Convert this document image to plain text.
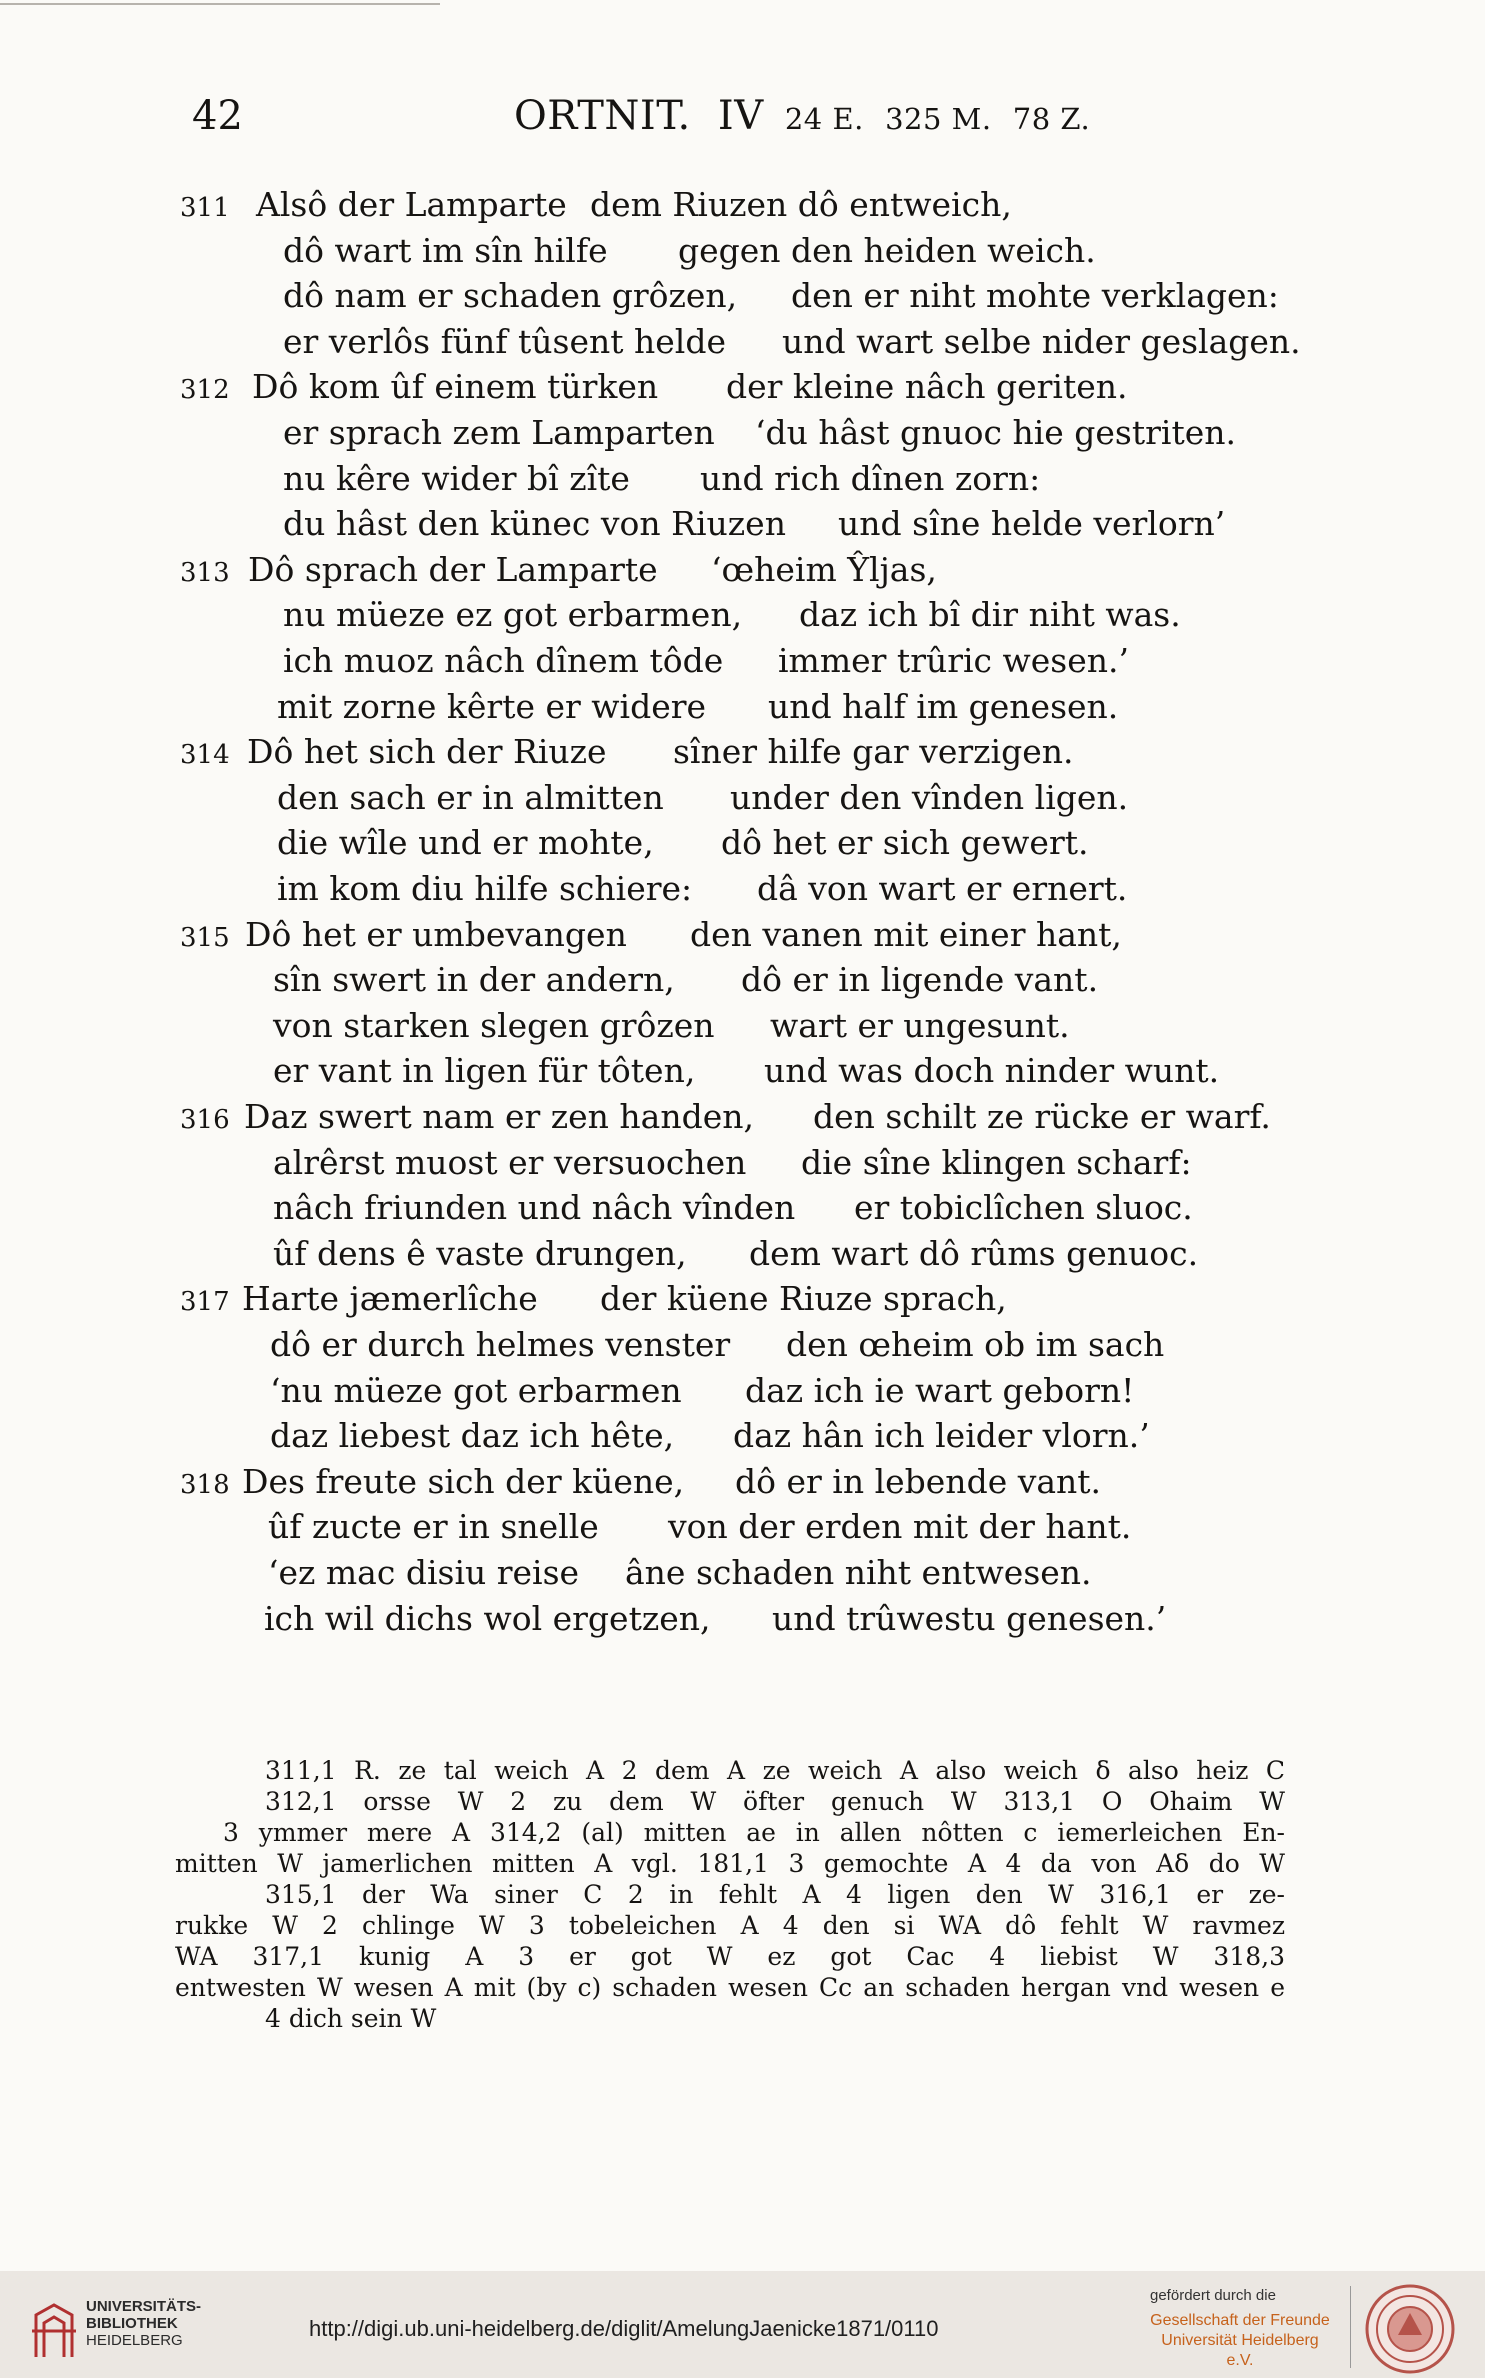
42	ORTNIT. IV 24 E. 325 M. 78 Z.
311 Alsô der Lamparte dem Riuzen dô entweich,
dô wart im sîn hilfe gegen den heiden weich.
dô nam er schaden grôzen, den er niht mohte verklagen:
er verlôs fünf tûsent helde und wart selbe nider geslagen.
312 Dô kom ûf einem türken der kleine nâch geriten.
er sprach zem Lamparten ‘du hâst gnuoc hie gestriten.
nu kêre wider bî zîte und rich dînen zorn:
du hâst den künec von Riuzen und sîne helde verlorn’
313 Dô sprach der Lamparte ‘œheim Ŷljas,
nu müeze ez got erbarmen, daz ich bî dir niht was.
ich muoz nâch dînem tôde immer trûric wesen.’
mit zorne kêrte er widere und half im genesen.
314 Dô het sich der Riuze sîner hilfe gar verzigen.
den sach er in almitten under den vînden ligen.
die wîle und er mohte, dô het er sich gewert.
im kom diu hilfe schiere: dâ von wart er ernert.
315 Dô het er umbevangen den vanen mit einer hant,
sîn swert in der andern, dô er in ligende vant.
von starken slegen grôzen wart er ungesunt.
er vant in ligen für tôten, und was doch ninder wunt.
316 Daz swert nam er zen handen, den schilt ze rücke er warf.
alrêrst muost er versuochen die sîne klingen scharf:
nâch friunden und nâch vînden er tobiclîchen sluoc.
ûf dens ê vaste drungen, dem wart dô rûms genuoc.
317 Harte jæmerlîche der küene Riuze sprach,
dô er durch helmes venster den œheim ob im sach
‘nu müeze got erbarmen daz ich ie wart geborn!
daz liebest daz ich hête, daz hân ich leider vlorn.’
318 Des freute sich der küene, dô er in lebende vant.
ûf zucte er in snelle von der erden mit der hant.
‘ez mac disiu reise âne schaden niht entwesen.
ich wil dichs wol ergetzen, und trûwestu genesen.’
311,1 R. ze tal weich A 2 dem A ze weich A also weich δ also heiz C
312,1 orsse W 2 zu dem W öfter genuch W 313,1 O Ohaim W
3 ymmer mere A 314,2 (al) mitten ae in allen nôtten c iemerleichen En-
mitten W jamerlichen mitten A vgl. 181,1 3 gemochte A 4 da von Aδ do W
315,1 der Wa siner C 2 in fehlt A 4 ligen den W 316,1 er ze-
rukke W 2 chlinge W 3 tobeleichen A 4 den si WA dô fehlt W ravmez
WA 317,1 kunig A 3 er got W ez got Cac 4 liebist W 318,3
entwesten W wesen A mit (by c) schaden wesen Cc an schaden hergan vnd wesen e
4 dich sein W
UNIVERSITÄTS-
BIBLIOTHEK
HEIDELBERG	http://digi.ub.uni-heidelberg.de/diglit/AmelungJaenicke1871/0110
gefördert durch die
Gesellschaft der Freunde
Universität Heidelberg e.V.
